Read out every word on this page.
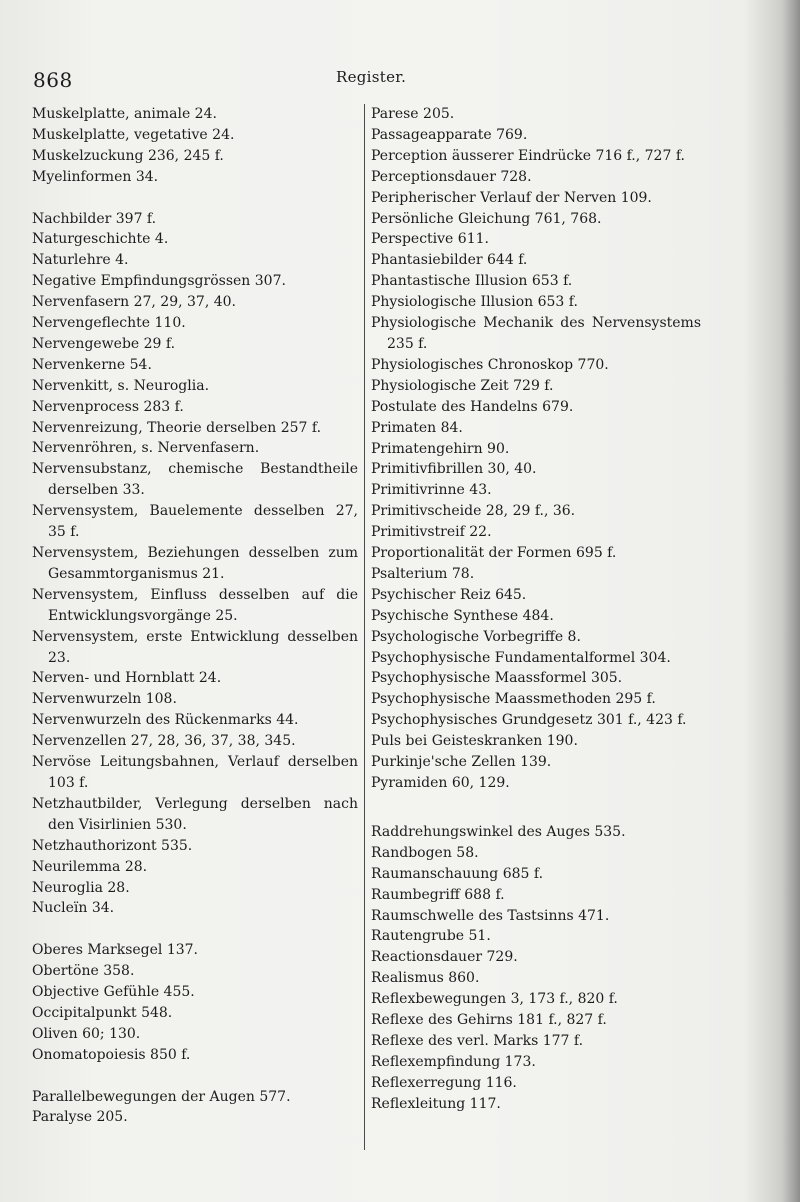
868	Register.
Muskelplatte, animale 24.
Muskelplatte, vegetative 24.
Muskelzuckung 236, 245 f.
Myelinformen 34.
Nachbilder 397 f.
Naturgeschichte 4.
Naturlehre 4.
Negative Empfindungsgrössen 307.
Nervenfasern 27, 29, 37, 40.
Nervengeflechte 110.
Nervengewebe 29 f.
Nervenkerne 54.
Nervenkitt, s. Neuroglia.
Nervenprocess 283 f.
Nervenreizung, Theorie derselben 257 f.
Nervenröhren, s. Nervenfasern.
Nervensubstanz, chemische Bestandtheile derselben 33.
Nervensystem, Bauelemente desselben 27, 35 f.
Nervensystem, Beziehungen desselben zum Gesammtorganismus 21.
Nervensystem, Einfluss desselben auf die Entwicklungsvorgänge 25.
Nervensystem, erste Entwicklung desselben 23.
Nerven- und Hornblatt 24.
Nervenwurzeln 108.
Nervenwurzeln des Rückenmarks 44.
Nervenzellen 27, 28, 36, 37, 38, 345.
Nervöse Leitungsbahnen, Verlauf derselben 103 f.
Netzhautbilder, Verlegung derselben nach den Visirlinien 530.
Netzhauthorizont 535.
Neurilemma 28.
Neuroglia 28.
Nucleïn 34.
Oberes Marksegel 137.
Obertöne 358.
Objective Gefühle 455.
Occipitalpunkt 548.
Oliven 60; 130.
Onomatopoiesis 850 f.
Parallelbewegungen der Augen 577.
Paralyse 205.
Parese 205.
Passageapparate 769.
Perception äusserer Eindrücke 716 f., 727 f.
Perceptionsdauer 728.
Peripherischer Verlauf der Nerven 109.
Persönliche Gleichung 761, 768.
Perspective 611.
Phantasiebilder 644 f.
Phantastische Illusion 653 f.
Physiologische Illusion 653 f.
Physiologische Mechanik des Nervensystems 235 f.
Physiologisches Chronoskop 770.
Physiologische Zeit 729 f.
Postulate des Handelns 679.
Primaten 84.
Primatengehirn 90.
Primitivfibrillen 30, 40.
Primitivrinne 43.
Primitivscheide 28, 29 f., 36.
Primitivstreif 22.
Proportionalität der Formen 695 f.
Psalterium 78.
Psychischer Reiz 645.
Psychische Synthese 484.
Psychologische Vorbegriffe 8.
Psychophysische Fundamentalformel 304.
Psychophysische Maassformel 305.
Psychophysische Maassmethoden 295 f.
Psychophysisches Grundgesetz 301 f., 423 f.
Puls bei Geisteskranken 190.
Purkinje'sche Zellen 139.
Pyramiden 60, 129.
Raddrehungswinkel des Auges 535.
Randbogen 58.
Raumanschauung 685 f.
Raumbegriff 688 f.
Raumschwelle des Tastsinns 471.
Rautengrube 51.
Reactionsdauer 729.
Realismus 860.
Reflexbewegungen 3, 173 f., 820 f.
Reflexe des Gehirns 181 f., 827 f.
Reflexe des verl. Marks 177 f.
Reflexempfindung 173.
Reflexerregung 116.
Reflexleitung 117.
